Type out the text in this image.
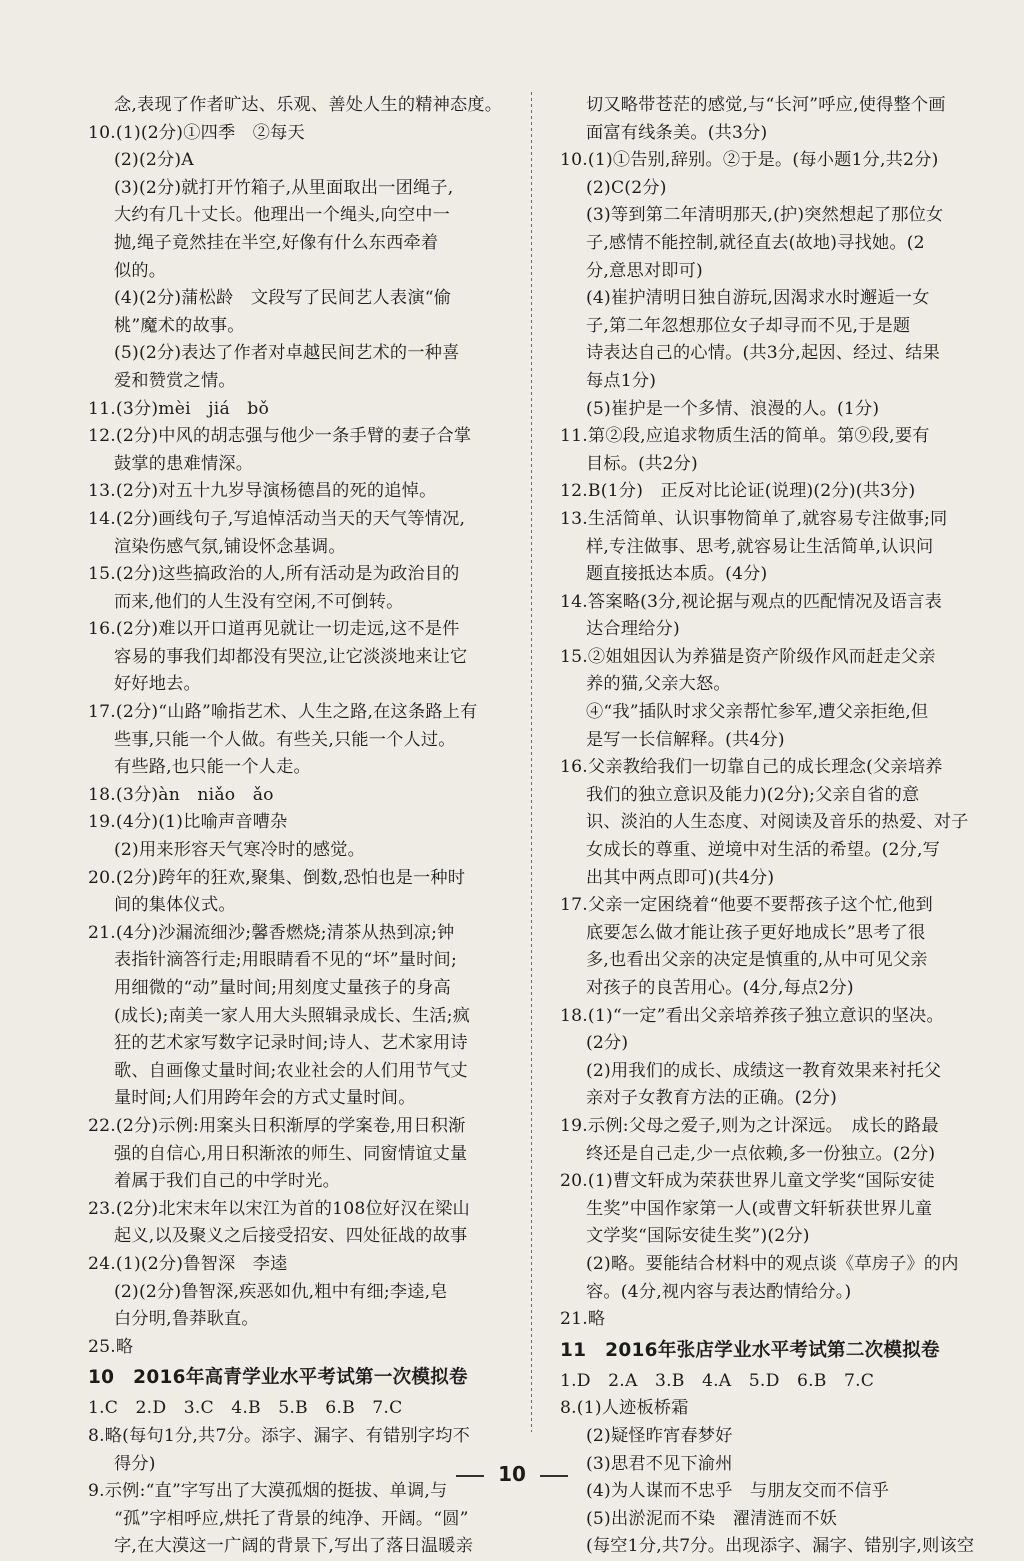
念,表现了作者旷达、乐观、善处人生的精神态度。
10.(1)(2分)①四季　②每天
(2)(2分)A
(3)(2分)就打开竹箱子,从里面取出一团绳子,
大约有几十丈长。他理出一个绳头,向空中一
抛,绳子竟然挂在半空,好像有什么东西牵着
似的。
(4)(2分)蒲松龄　文段写了民间艺人表演“偷
桃”魔术的故事。
(5)(2分)表达了作者对卓越民间艺术的一种喜
爱和赞赏之情。
11.(3分)mèi　jiá　bǒ
12.(2分)中风的胡志强与他少一条手臂的妻子合掌
鼓掌的患难情深。
13.(2分)对五十九岁导演杨德昌的死的追悼。
14.(2分)画线句子,写追悼活动当天的天气等情况,
渲染伤感气氛,铺设怀念基调。
15.(2分)这些搞政治的人,所有活动是为政治目的
而来,他们的人生没有空闲,不可倒转。
16.(2分)难以开口道再见就让一切走远,这不是件
容易的事我们却都没有哭泣,让它淡淡地来让它
好好地去。
17.(2分)“山路”喻指艺术、人生之路,在这条路上有
些事,只能一个人做。有些关,只能一个人过。
有些路,也只能一个人走。
18.(3分)àn　niǎo　ǎo
19.(4分)(1)比喻声音嘈杂
(2)用来形容天气寒冷时的感觉。
20.(2分)跨年的狂欢,聚集、倒数,恐怕也是一种时
间的集体仪式。
21.(4分)沙漏流细沙;馨香燃烧;清茶从热到凉;钟
表指针滴答行走;用眼睛看不见的“坏”量时间;
用细微的“动”量时间;用刻度丈量孩子的身高
(成长);南美一家人用大头照辑录成长、生活;疯
狂的艺术家写数字记录时间;诗人、艺术家用诗
歌、自画像丈量时间;农业社会的人们用节气丈
量时间;人们用跨年会的方式丈量时间。
22.(2分)示例:用案头日积渐厚的学案卷,用日积渐
强的自信心,用日积渐浓的师生、同窗情谊丈量
着属于我们自己的中学时光。
23.(2分)北宋末年以宋江为首的108位好汉在梁山
起义,以及聚义之后接受招安、四处征战的故事
24.(1)(2分)鲁智深　李逵
(2)(2分)鲁智深,疾恶如仇,粗中有细;李逵,皂
白分明,鲁莽耿直。
25.略
10　2016年高青学业水平考试第一次模拟卷
1.C　2.D　3.C　4.B　5.B　6.B　7.C
8.略(每句1分,共7分。添字、漏字、有错别字均不
得分)
9.示例:“直”字写出了大漠孤烟的挺拔、单调,与
“孤”字相呼应,烘托了背景的纯净、开阔。“圆”
字,在大漠这一广阔的背景下,写出了落日温暖亲
切又略带苍茫的感觉,与“长河”呼应,使得整个画
面富有线条美。(共3分)
10.(1)①告别,辞别。②于是。(每小题1分,共2分)
(2)C(2分)
(3)等到第二年清明那天,(护)突然想起了那位女
子,感情不能控制,就径直去(故地)寻找她。(2
分,意思对即可)
(4)崔护清明日独自游玩,因渴求水时邂逅一女
子,第二年忽想那位女子却寻而不见,于是题
诗表达自己的心情。(共3分,起因、经过、结果
每点1分)
(5)崔护是一个多情、浪漫的人。(1分)
11.第②段,应追求物质生活的简单。第⑨段,要有
目标。(共2分)
12.B(1分)　正反对比论证(说理)(2分)(共3分)
13.生活简单、认识事物简单了,就容易专注做事;同
样,专注做事、思考,就容易让生活简单,认识问
题直接抵达本质。(4分)
14.答案略(3分,视论据与观点的匹配情况及语言表
达合理给分)
15.②姐姐因认为养猫是资产阶级作风而赶走父亲
养的猫,父亲大怒。
④“我”插队时求父亲帮忙参军,遭父亲拒绝,但
是写一长信解释。(共4分)
16.父亲教给我们一切靠自己的成长理念(父亲培养
我们的独立意识及能力)(2分);父亲自省的意
识、淡泊的人生态度、对阅读及音乐的热爱、对子
女成长的尊重、逆境中对生活的希望。(2分,写
出其中两点即可)(共4分)
17.父亲一定困绕着“他要不要帮孩子这个忙,他到
底要怎么做才能让孩子更好地成长”思考了很
多,也看出父亲的决定是慎重的,从中可见父亲
对孩子的良苦用心。(4分,每点2分)
18.(1)“一定”看出父亲培养孩子独立意识的坚决。
(2分)
(2)用我们的成长、成绩这一教育效果来衬托父
亲对子女教育方法的正确。(2分)
19.示例:父母之爱子,则为之计深远。　成长的路最
终还是自己走,少一点依赖,多一份独立。(2分)
20.(1)曹文轩成为荣获世界儿童文学奖“国际安徒
生奖”中国作家第一人(或曹文轩斩获世界儿童
文学奖“国际安徒生奖”)(2分)
(2)略。要能结合材料中的观点谈《草房子》的内
容。(4分,视内容与表达酌情给分。)
21.略
11　2016年张店学业水平考试第二次模拟卷
1.D　2.A　3.B　4.A　5.D　6.B　7.C
8.(1)人迹板桥霜
(2)疑怪昨宵春梦好
(3)思君不见下渝州
(4)为人谋而不忠乎　与朋友交而不信乎
(5)出淤泥而不染　濯清涟而不妖
(每空1分,共7分。出现添字、漏字、错别字,则该空
10
